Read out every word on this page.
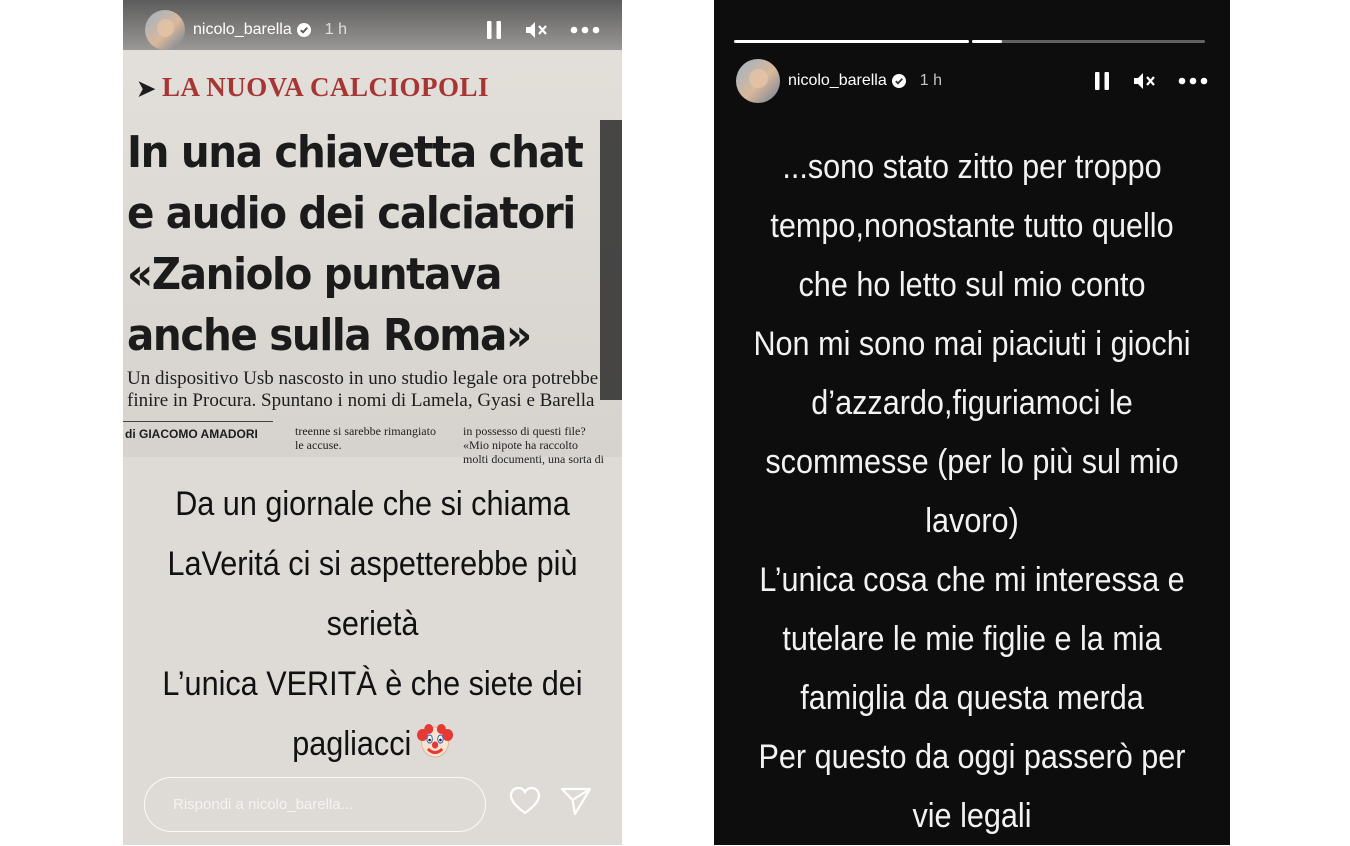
➤ LA NUOVA CALCIOPOLI
In una chiavetta chat
e audio dei calciatori
«Zaniolo puntava
anche sulla Roma»
Un dispositivo Usb nascosto in uno studio legale ora potrebbe finire in Procura. Spuntano i nomi di Lamela, Gyasi e Barella
di GIACOMO AMADORI	treenne si sarebbe rimangiato
le accuse.
in possesso di questi file?
«Mio nipote ha raccolto
molti documenti, una sorta di
nicolo_barella 1 h
Da un giornale che si chiama
LaVeritá ci si aspetterebbe più
serietà
L’unica VERITÀ è che siete dei
pagliacci
Rispondi a nicolo_barella...
nicolo_barella 1 h
...sono stato zitto per troppo
tempo,nonostante tutto quello
che ho letto sul mio conto
Non mi sono mai piaciuti i giochi
d’azzardo,figuriamoci le
scommesse (per lo più sul mio
lavoro)
L’unica cosa che mi interessa e
tutelare le mie figlie e la mia
famiglia da questa merda
Per questo da oggi passerò per
vie legali
